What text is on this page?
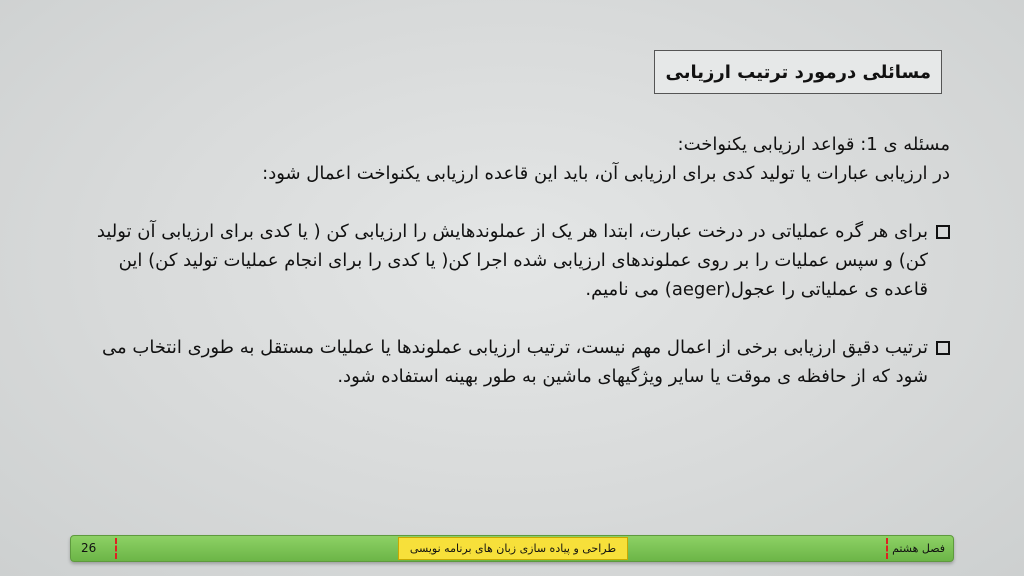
مسائلی درمورد ترتیب ارزیابی

مسئله ی 1: قواعد ارزیابی یکنواخت:

در ارزیابی عبارات یا تولید کدی برای ارزیابی آن، باید این قاعده ارزیابی یکنواخت اعمال شود:

برای هر گره عملیاتی در درخت عبارت، ابتدا هر یک از عملوندهایش را ارزیابی کن ( یا کدی برای ارزیابی آن تولید کن) و سپس عملیات را بر روی عملوندهای ارزیابی شده اجرا کن( یا کدی را برای انجام عملیات تولید کن) این قاعده ی عملیاتی را عجول(aeger) می نامیم.
ترتیب دقیق ارزیابی برخی از اعمال مهم نیست، ترتیب ارزیابی عملوندها یا عملیات مستقل به طوری انتخاب می شود که از حافظه ی موقت یا سایر ویژگیهای ماشین به طور بهینه استفاده شود.
26	طراحی و پیاده سازی زبان های برنامه نویسی	فصل هشتم
